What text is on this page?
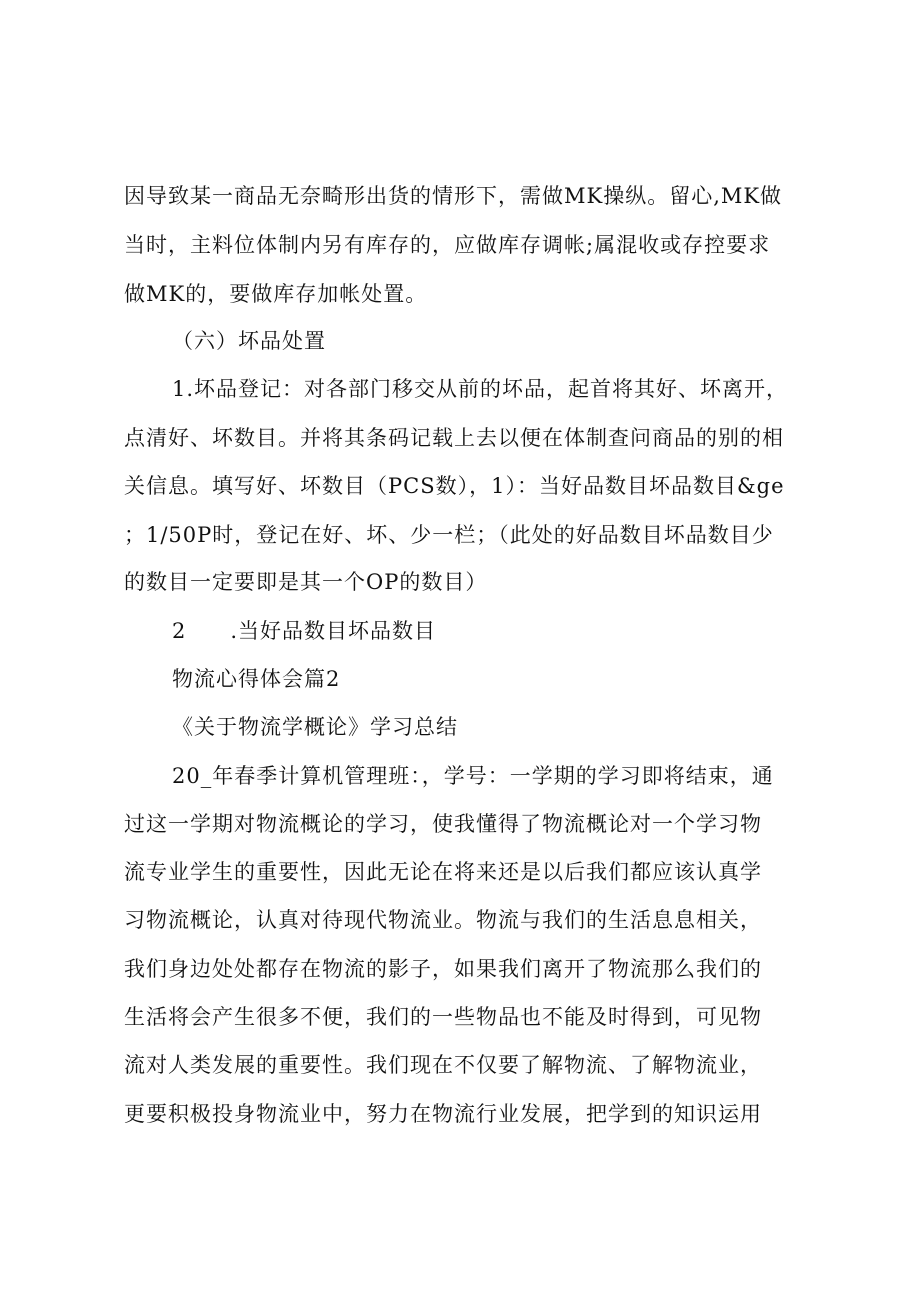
因导致某一商品无奈畸形出货的情形下，需做MK操纵。留心,MK做
当时，主料位体制内另有库存的，应做库存调帐;属混收或存控要求
做MK的，要做库存加帐处置。
（六）坏品处置
1.坏品登记：对各部门移交从前的坏品，起首将其好、坏离开，
点清好、坏数目。并将其条码记载上去以便在体制查问商品的别的相
关信息。填写好、坏数目（PCS数），1）：当好品数目坏品数目&ge
；1/50P时，登记在好、坏、少一栏；（此处的好品数目坏品数目少
的数目一定要即是其一个OP的数目）
2　　.当好品数目坏品数目
物流心得体会篇2
《关于物流学概论》学习总结
20_年春季计算机管理班：，学号：一学期的学习即将结束，通
过这一学期对物流概论的学习，使我懂得了物流概论对一个学习物
流专业学生的重要性，因此无论在将来还是以后我们都应该认真学
习物流概论，认真对待现代物流业。物流与我们的生活息息相关，
我们身边处处都存在物流的影子，如果我们离开了物流那么我们的
生活将会产生很多不便，我们的一些物品也不能及时得到，可见物
流对人类发展的重要性。我们现在不仅要了解物流、了解物流业，
更要积极投身物流业中，努力在物流行业发展，把学到的知识运用
